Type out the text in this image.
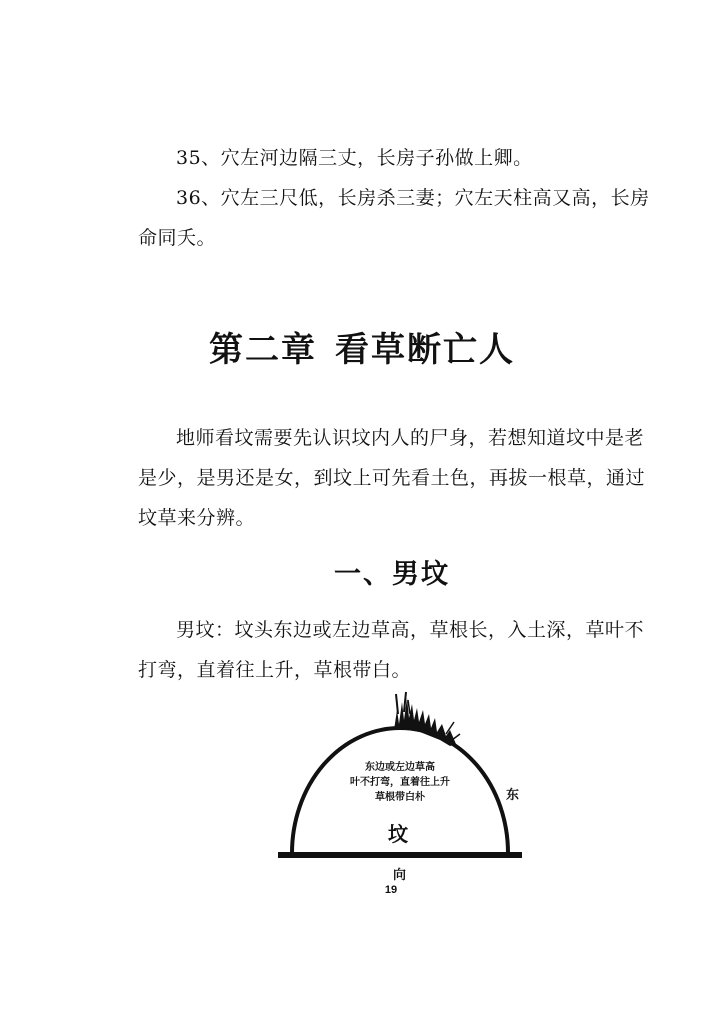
35、穴左河边隔三丈，长房子孙做上卿。

36、穴左三尺低，长房杀三妻；穴左天柱高又高，长房命同夭。

第二章 看草断亡人

地师看坟需要先认识坟内人的尸身，若想知道坟中是老是少，是男还是女，到坟上可先看土色，再拔一根草，通过坟草来分辨。

一、男坟

男坟：坟头东边或左边草高，草根长，入土深，草叶不打弯，直着往上升，草根带白。

东边或左边草高
叶不打弯，直着往上升
草根带白朴
坟
东
向
19
